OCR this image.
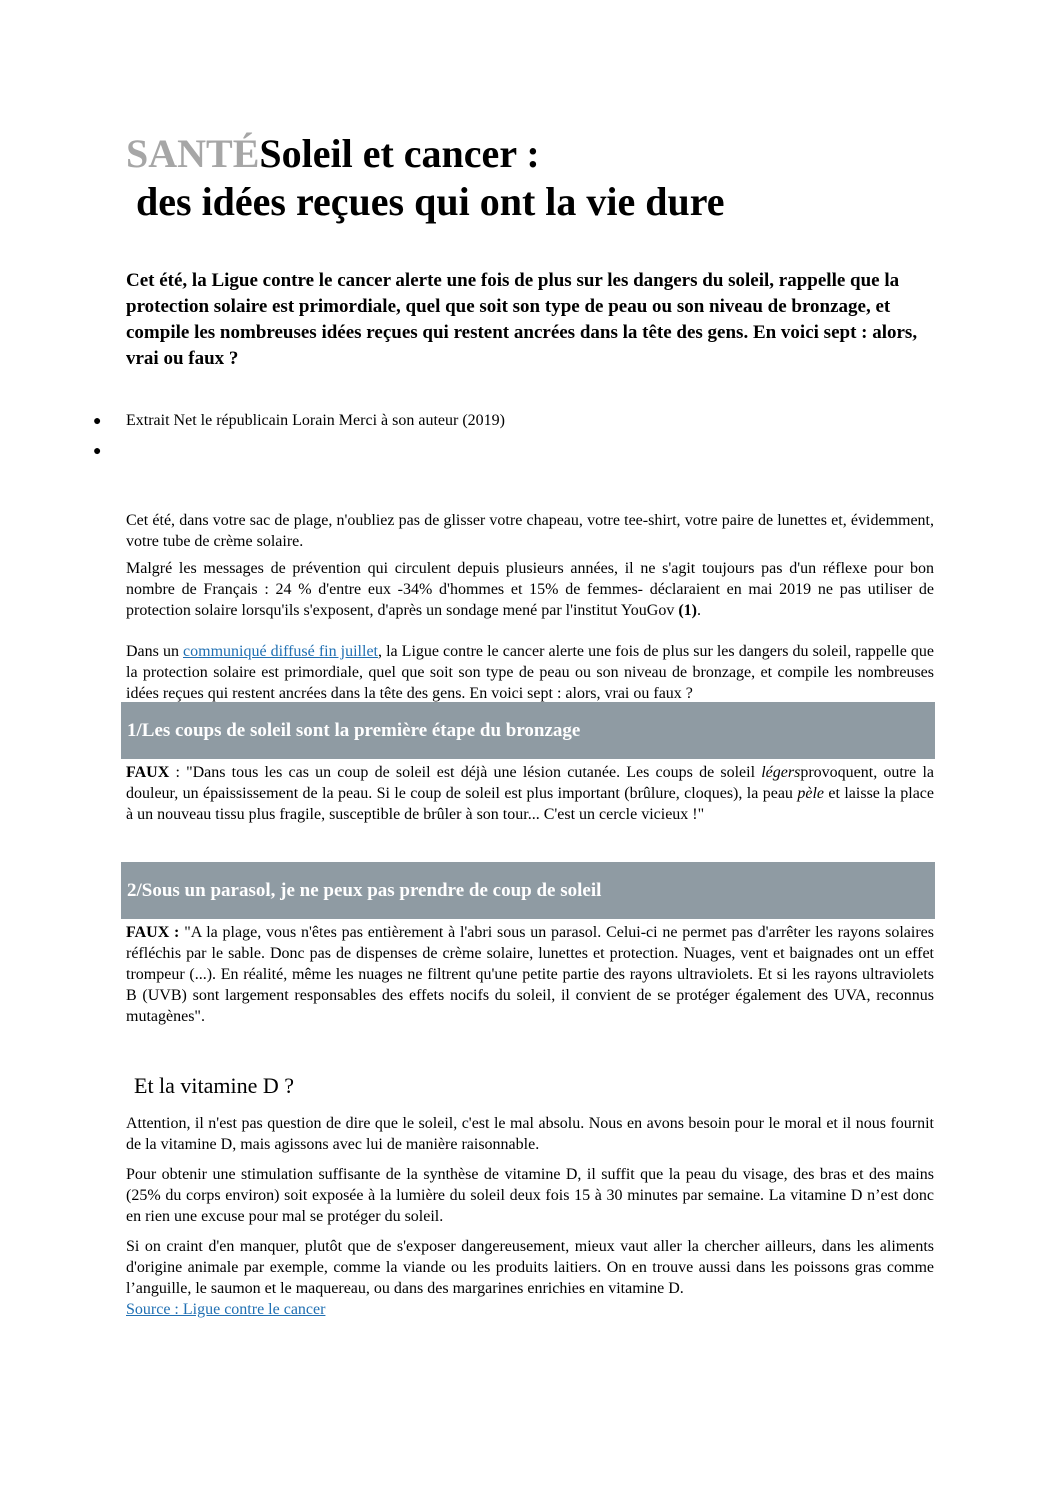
SANTÉSoleil et cancer :
des idées reçues qui ont la vie dure
Cet été, la Ligue contre le cancer alerte une fois de plus sur les dangers du soleil, rappelle que la protection solaire est primordiale, quel que soit son type de peau ou son niveau de bronzage, et compile les nombreuses idées reçues qui restent ancrées dans la tête des gens. En voici sept : alors, vrai ou faux ?
● Extrait Net le républicain Lorain Merci à son auteur (2019)
●

Cet été, dans votre sac de plage, n'oubliez pas de glisser votre chapeau, votre tee-shirt, votre paire de lunettes et, évidemment, votre tube de crème solaire.

Malgré les messages de prévention qui circulent depuis plusieurs années, il ne s'agit toujours pas d'un réflexe pour bon nombre de Français : 24 % d'entre eux -34% d'hommes et 15% de femmes- déclaraient en mai 2019 ne pas utiliser de protection solaire lorsqu'ils s'exposent, d'après un sondage mené par l'institut YouGov (1).

Dans un communiqué diffusé fin juillet, la Ligue contre le cancer alerte une fois de plus sur les dangers du soleil, rappelle que la protection solaire est primordiale, quel que soit son type de peau ou son niveau de bronzage, et compile les nombreuses idées reçues qui restent ancrées dans la tête des gens. En voici sept : alors, vrai ou faux ?

1/Les coups de soleil sont la première étape du bronzage
FAUX : "Dans tous les cas un coup de soleil est déjà une lésion cutanée. Les coups de soleil légersprovoquent, outre la douleur, un épaississement de la peau. Si le coup de soleil est plus important (brûlure, cloques), la peau pèle et laisse la place à un nouveau tissu plus fragile, susceptible de brûler à son tour... C'est un cercle vicieux !"
2/Sous un parasol, je ne peux pas prendre de coup de soleil
FAUX : "A la plage, vous n'êtes pas entièrement à l'abri sous un parasol. Celui-ci ne permet pas d'arrêter les rayons solaires réfléchis par le sable. Donc pas de dispenses de crème solaire, lunettes et protection. Nuages, vent et baignades ont un effet trompeur (...). En réalité, même les nuages ne filtrent qu'une petite partie des rayons ultraviolets. Et si les rayons ultraviolets B (UVB) sont largement responsables des effets nocifs du soleil, il convient de se protéger également des UVA, reconnus mutagènes".
Et la vitamine D ?

Attention, il n'est pas question de dire que le soleil, c'est le mal absolu. Nous en avons besoin pour le moral et il nous fournit de la vitamine D, mais agissons avec lui de manière raisonnable.

Pour obtenir une stimulation suffisante de la synthèse de vitamine D, il suffit que la peau du visage, des bras et des mains (25% du corps environ) soit exposée à la lumière du soleil deux fois 15 à 30 minutes par semaine. La vitamine D n’est donc en rien une excuse pour mal se protéger du soleil.

Si on craint d'en manquer, plutôt que de s'exposer dangereusement, mieux vaut aller la chercher ailleurs, dans les aliments d'origine animale par exemple, comme la viande ou les produits laitiers. On en trouve aussi dans les poissons gras comme l’anguille, le saumon et le maquereau, ou dans des margarines enrichies en vitamine D.
Source : Ligue contre le cancer
